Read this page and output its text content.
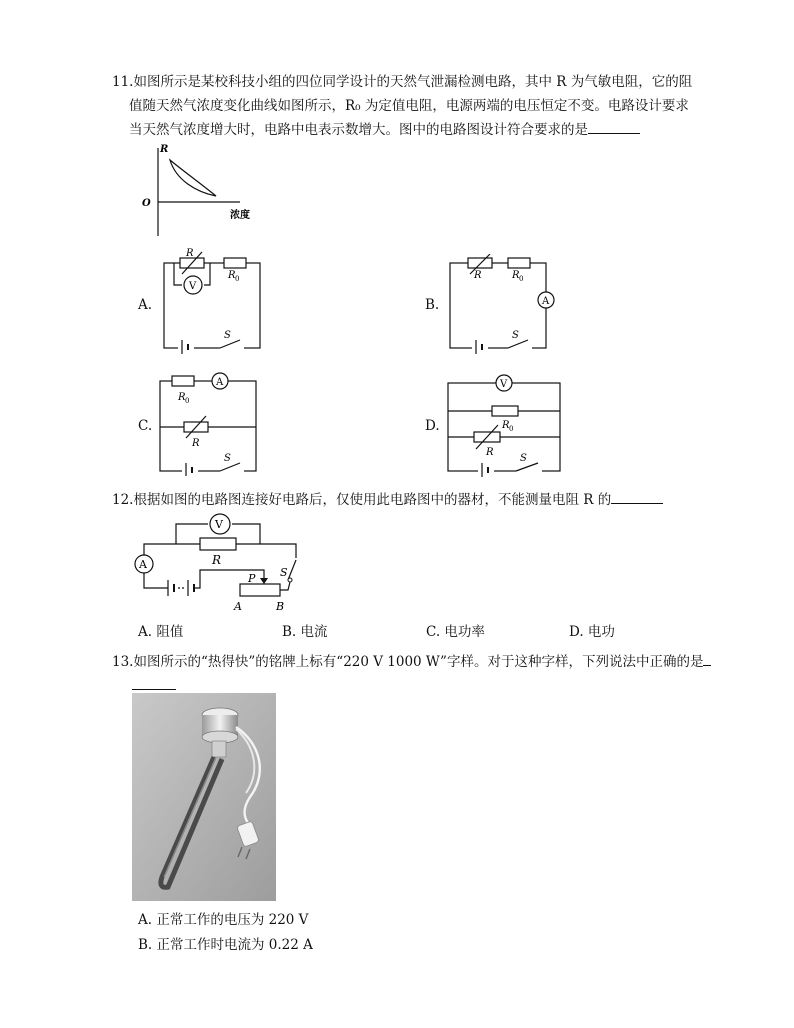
11.如图所示是某校科技小组的四位同学设计的天然气泄漏检测电路，其中 R 为气敏电阻，它的阻
值随天然气浓度变化曲线如图所示，R₀ 为定值电阻，电源两端的电压恒定不变。电路设计要求
当天然气浓度增大时，电路中电表示数增大。图中的电路图设计符合要求的是
R
O
浓度
A.
V
R
R 0
S
B.	A
R	R 0
S
C.
A
R 0
R
S
D.
V
R 0
R
S
12.根据如图的电路图连接好电路后，仅使用此电路图中的器材，不能测量电阻 R 的
V
R
A
P S
A	B
A. 阻值	B. 电流	C. 电功率	D. 电功
13.如图所示的“热得快”的铭牌上标有“220 V 1000 W”字样。对于这种字样，下列说法中正确的是
A. 正常工作的电压为 220 V
B. 正常工作时电流为 0.22 A
